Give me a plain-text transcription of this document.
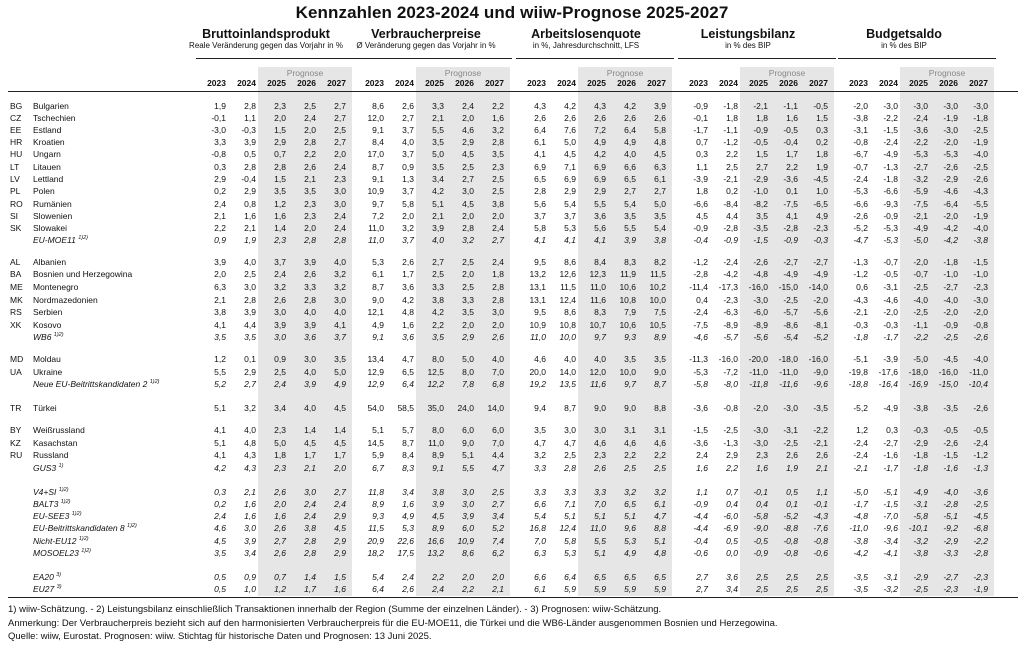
Kennzahlen 2023-2024 und wiiw-Prognose 2025-2027
Bruttoinlandsprodukt
Reale Veränderung gegen das Vorjahr in %
Prognose
2023	2024	2025	2026	2027
Verbraucherpreise
Ø Veränderung gegen das Vorjahr in %
Prognose
2023	2024	2025	2026	2027
Arbeitslosenquote
in %, Jahresdurchschnitt, LFS
Prognose
2023	2024	2025	2026	2027
Leistungsbilanz
in % des BIP
Prognose
2023	2024	2025	2026	2027
Budgetsaldo
in % des BIP
Prognose
2023	2024	2025	2026	2027
BG Bulgarien	1,9	2,8	2,3	2,5	2,7	8,6	2,6	3,3	2,4	2,2	4,3	4,2	4,3	4,2	3,9	-0,9	-1,8	-2,1	-1,1	-0,5	-2,0	-3,0	-3,0	-3,0	-3,0
CZ Tschechien	-0,1	1,1	2,0	2,4	2,7	12,0	2,7	2,1	2,0	1,6	2,6	2,6	2,6	2,6	2,6	-0,1	1,8	1,8	1,6	1,5	-3,8	-2,2	-2,4	-1,9	-1,8
EE Estland	-3,0	-0,3	1,5	2,0	2,5	9,1	3,7	5,5	4,6	3,2	6,4	7,6	7,2	6,4	5,8	-1,7	-1,1	-0,9	-0,5	0,3	-3,1	-1,5	-3,6	-3,0	-2,5
HR Kroatien	3,3	3,9	2,9	2,8	2,7	8,4	4,0	3,5	2,9	2,8	6,1	5,0	4,9	4,9	4,8	0,7	-1,2	-0,5	-0,4	0,2	-0,8	-2,4	-2,2	-2,0	-1,9
HU Ungarn	-0,8	0,5	0,7	2,2	2,0	17,0	3,7	5,0	4,5	3,5	4,1	4,5	4,2	4,0	4,5	0,3	2,2	1,5	1,7	1,8	-6,7	-4,9	-5,3	-5,3	-4,0
LT Litauen	0,3	2,8	2,8	2,6	2,4	8,7	0,9	3,5	2,5	2,3	6,9	7,1	6,9	6,6	6,3	1,1	2,5	2,7	2,2	1,9	-0,7	-1,3	-2,7	-2,6	-2,5
LV Lettland	2,9	-0,4	1,5	2,1	2,3	9,1	1,3	3,4	2,7	2,5	6,5	6,9	6,9	6,5	6,1	-3,9	-2,1	-2,9	-3,6	-4,5	-2,4	-1,8	-3,2	-2,9	-2,6
PL Polen	0,2	2,9	3,5	3,5	3,0	10,9	3,7	4,2	3,0	2,5	2,8	2,9	2,9	2,7	2,7	1,8	0,2	-1,0	0,1	1,0	-5,3	-6,6	-5,9	-4,6	-4,3
RO Rumänien	2,4	0,8	1,2	2,3	3,0	9,7	5,8	5,1	4,5	3,8	5,6	5,4	5,5	5,4	5,0	-6,6	-8,4	-8,2	-7,5	-6,5	-6,6	-9,3	-7,5	-6,4	-5,5
SI Slowenien	2,1	1,6	1,6	2,3	2,4	7,2	2,0	2,1	2,0	2,0	3,7	3,7	3,6	3,5	3,5	4,5	4,4	3,5	4,1	4,9	-2,6	-0,9	-2,1	-2,0	-1,9
SK Slowakei	2,2	2,1	1,4	2,0	2,4	11,0	3,2	3,9	2,8	2,4	5,8	5,3	5,6	5,5	5,4	-0,9	-2,8	-3,5	-2,8	-2,3	-5,2	-5,3	-4,9	-4,2	-4,0
EU-MOE11 $^{1)2)}$	0,9	1,9	2,3	2,8	2,8	11,0	3,7	4,0	3,2	2,7	4,1	4,1	4,1	3,9	3,8	-0,4	-0,9	-1,5	-0,9	-0,3	-4,7	-5,3	-5,0	-4,2	-3,8
AL Albanien	3,9	4,0	3,7	3,9	4,0	5,3	2,6	2,7	2,5	2,4	9,5	8,6	8,4	8,3	8,2	-1,2	-2,4	-2,6	-2,7	-2,7	-1,3	-0,7	-2,0	-1,8	-1,5
BA Bosnien und Herzegowina	2,0	2,5	2,4	2,6	3,2	6,1	1,7	2,5	2,0	1,8	13,2	12,6	12,3	11,9	11,5	-2,8	-4,2	-4,8	-4,9	-4,9	-1,2	-0,5	-0,7	-1,0	-1,0
ME Montenegro	6,3	3,0	3,2	3,3	3,2	8,7	3,6	3,3	2,5	2,8	13,1	11,5	11,0	10,6	10,2	-11,4	-17,3	-16,0	-15,0	-14,0	0,6	-3,1	-2,5	-2,7	-2,3
MK Nordmazedonien	2,1	2,8	2,6	2,8	3,0	9,0	4,2	3,8	3,3	2,8	13,1	12,4	11,6	10,8	10,0	0,4	-2,3	-3,0	-2,5	-2,0	-4,3	-4,6	-4,0	-4,0	-3,0
RS Serbien	3,8	3,9	3,0	4,0	4,0	12,1	4,8	4,2	3,5	3,0	9,5	8,6	8,3	7,9	7,5	-2,4	-6,3	-6,0	-5,7	-5,6	-2,1	-2,0	-2,5	-2,0	-2,0
XK Kosovo	4,1	4,4	3,9	3,9	4,1	4,9	1,6	2,2	2,0	2,0	10,9	10,8	10,7	10,6	10,5	-7,5	-8,9	-8,9	-8,6	-8,1	-0,3	-0,3	-1,1	-0,9	-0,8
WB6 $^{1)2)}$	3,5	3,5	3,0	3,6	3,7	9,1	3,6	3,5	2,9	2,6	11,0	10,0	9,7	9,3	8,9	-4,6	-5,7	-5,6	-5,4	-5,2	-1,8	-1,7	-2,2	-2,5	-2,6
MD Moldau	1,2	0,1	0,9	3,0	3,5	13,4	4,7	8,0	5,0	4,0	4,6	4,0	4,0	3,5	3,5	-11,3	-16,0	-20,0	-18,0	-16,0	-5,1	-3,9	-5,0	-4,5	-4,0
UA Ukraine	5,5	2,9	2,5	4,0	5,0	12,9	6,5	12,5	8,0	7,0	20,0	14,0	12,0	10,0	9,0	-5,3	-7,2	-11,0	-11,0	-9,0	-19,8	-17,6	-18,0	-16,0	-11,0
Neue EU-Beitrittskandidaten 2 $^{1)2)}$	5,2	2,7	2,4	3,9	4,9	12,9	6,4	12,2	7,8	6,8	19,2	13,5	11,6	9,7	8,7	-5,8	-8,0	-11,8	-11,6	-9,6	-18,8	-16,4	-16,9	-15,0	-10,4
TR Türkei	5,1	3,2	3,4	4,0	4,5	54,0	58,5	35,0	24,0	14,0	9,4	8,7	9,0	9,0	8,8	-3,6	-0,8	-2,0	-3,0	-3,5	-5,2	-4,9	-3,8	-3,5	-2,6
BY Weißrussland	4,1	4,0	2,3	1,4	1,4	5,1	5,7	8,0	6,0	6,0	3,5	3,0	3,0	3,1	3,1	-1,5	-2,5	-3,0	-3,1	-2,2	1,2	0,3	-0,3	-0,5	-0,5
KZ Kasachstan	5,1	4,8	5,0	4,5	4,5	14,5	8,7	11,0	9,0	7,0	4,7	4,7	4,6	4,6	4,6	-3,6	-1,3	-3,0	-2,5	-2,1	-2,4	-2,7	-2,9	-2,6	-2,4
RU Russland	4,1	4,3	1,8	1,7	1,7	5,9	8,4	8,9	5,1	4,4	3,2	2,5	2,3	2,2	2,2	2,4	2,9	2,3	2,6	2,6	-2,4	-1,6	-1,8	-1,5	-1,2
GUS3 $^{1)}$	4,2	4,3	2,3	2,1	2,0	6,7	8,3	9,1	5,5	4,7	3,3	2,8	2,6	2,5	2,5	1,6	2,2	1,6	1,9	2,1	-2,1	-1,7	-1,8	-1,6	-1,3
V4+SI $^{1)2)}$	0,3	2,1	2,6	3,0	2,7	11,8	3,4	3,8	3,0	2,5	3,3	3,3	3,3	3,2	3,2	1,1	0,7	-0,1	0,5	1,1	-5,0	-5,1	-4,9	-4,0	-3,6
BALT3 $^{1)2)}$	0,2	1,6	2,0	2,4	2,4	8,9	1,6	3,9	3,0	2,7	6,6	7,1	7,0	6,5	6,1	-0,9	0,4	0,4	0,1	-0,1	-1,7	-1,5	-3,1	-2,8	-2,5
EU-SEE3 $^{1)2)}$	2,4	1,6	1,6	2,4	2,9	9,3	4,9	4,5	3,9	3,4	5,4	5,1	5,1	5,1	4,7	-4,4	-6,0	-5,8	-5,2	-4,3	-4,8	-7,0	-5,8	-5,1	-4,5
EU-Beitrittskandidaten 8 $^{1)2)}$	4,6	3,0	2,6	3,8	4,5	11,5	5,3	8,9	6,0	5,2	16,8	12,4	11,0	9,6	8,8	-4,4	-6,9	-9,0	-8,8	-7,6	-11,0	-9,6	-10,1	-9,2	-6,8
Nicht-EU12 $^{1)2)}$	4,5	3,9	2,7	2,8	2,9	20,9	22,6	16,6	10,9	7,4	7,0	5,8	5,5	5,3	5,1	-0,4	0,5	-0,5	-0,8	-0,8	-3,8	-3,4	-3,2	-2,9	-2,2
MOSOEL23 $^{1)2)}$	3,5	3,4	2,6	2,8	2,9	18,2	17,5	13,2	8,6	6,2	6,3	5,3	5,1	4,9	4,8	-0,6	0,0	-0,9	-0,8	-0,6	-4,2	-4,1	-3,8	-3,3	-2,8
EA20 $^{3)}$	0,5	0,9	0,7	1,4	1,5	5,4	2,4	2,2	2,0	2,0	6,6	6,4	6,5	6,5	6,5	2,7	3,6	2,5	2,5	2,5	-3,5	-3,1	-2,9	-2,7	-2,3
EU27 $^{3)}$	0,5	1,0	1,2	1,7	1,6	6,4	2,6	2,4	2,2	2,1	6,1	5,9	5,9	5,9	5,9	2,7	3,4	2,5	2,5	2,5	-3,5	-3,2	-2,5	-2,3	-1,9
1) wiiw-Schätzung. - 2) Leistungsbilanz einschließlich Transaktionen innerhalb der Region (Summe der einzelnen Länder). - 3) Prognosen: wiiw-Schätzung.
Anmerkung: Der Verbraucherpreis bezieht sich auf den harmonisierten Verbraucherpreis für die EU-MOE11, die Türkei und die WB6-Länder ausgenommen Bosnien und Herzegowina.
Quelle: wiiw, Eurostat. Prognosen: wiiw. Stichtag für historische Daten und Prognosen: 13 Juni 2025.
